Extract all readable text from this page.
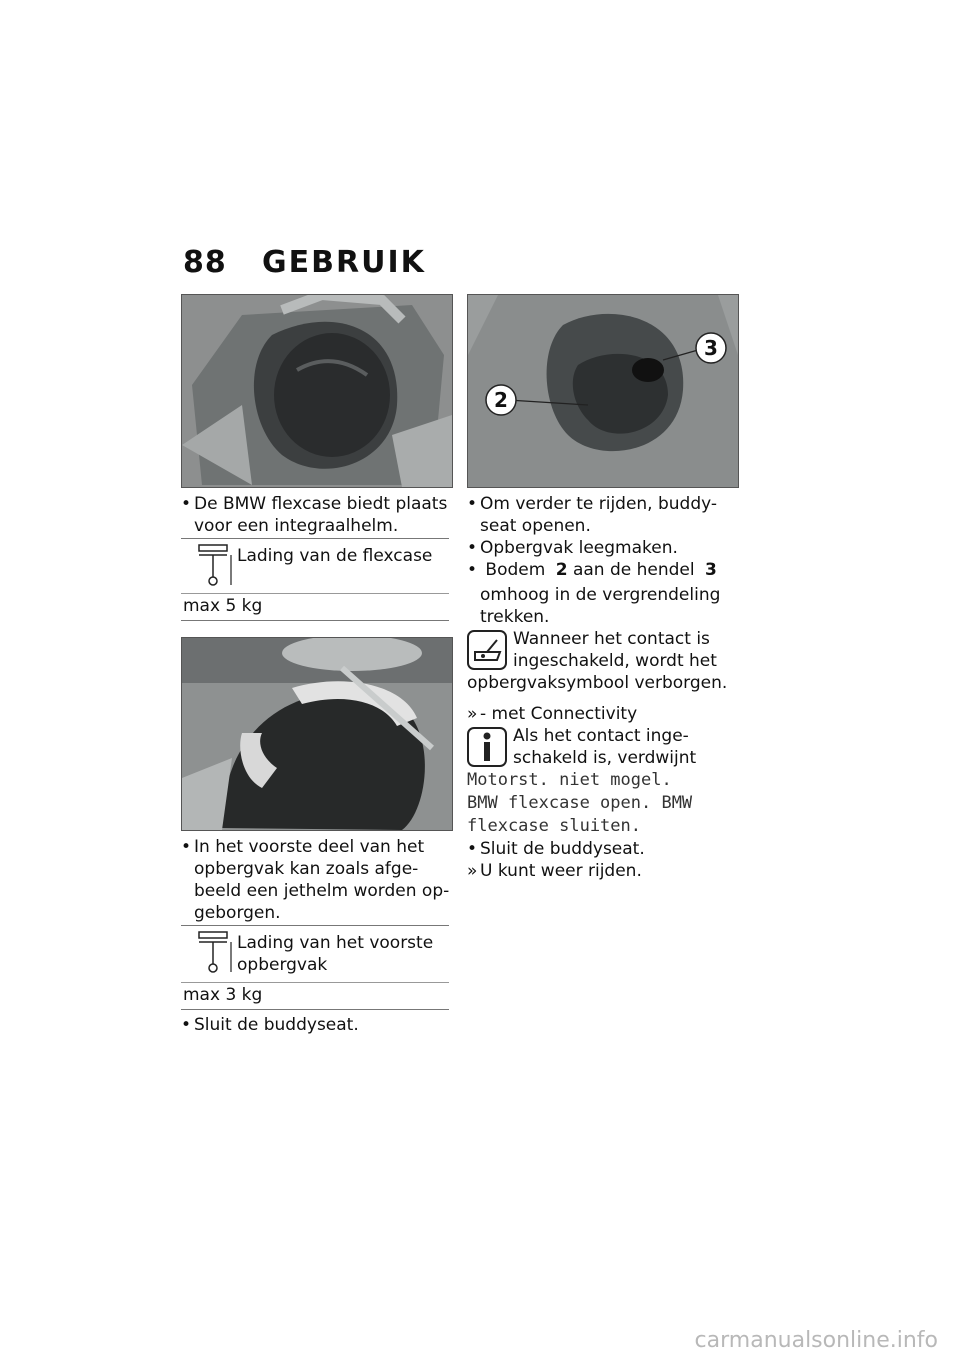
88 GEBRUIK
• De BMW flexcase biedt plaats voor een integraalhelm.
Lading van de flexcase
max 5 kg
• In het voorste deel van het opbergvak kan zoals afge-beeld een jethelm worden op-geborgen.
Lading van het voorste opbergvak
max 3 kg
• Sluit de buddyseat.
2
3
• Om verder te rijden, buddy-seat openen.
• Opbergvak leegmaken.
• Bodem 2 aan de hendel 3
omhoog in de vergrendeling trekken.
Wanneer het contact is ingeschakeld, wordt het opbergvaksymbool verborgen.
» - met Connectivity
Als het contact inge-schakeld is, verdwijnt
Motorst. niet mogel.
BMW flexcase open. BMW
flexcase sluiten.
• Sluit de buddyseat.
» U kunt weer rijden.
carmanualsonline.info
